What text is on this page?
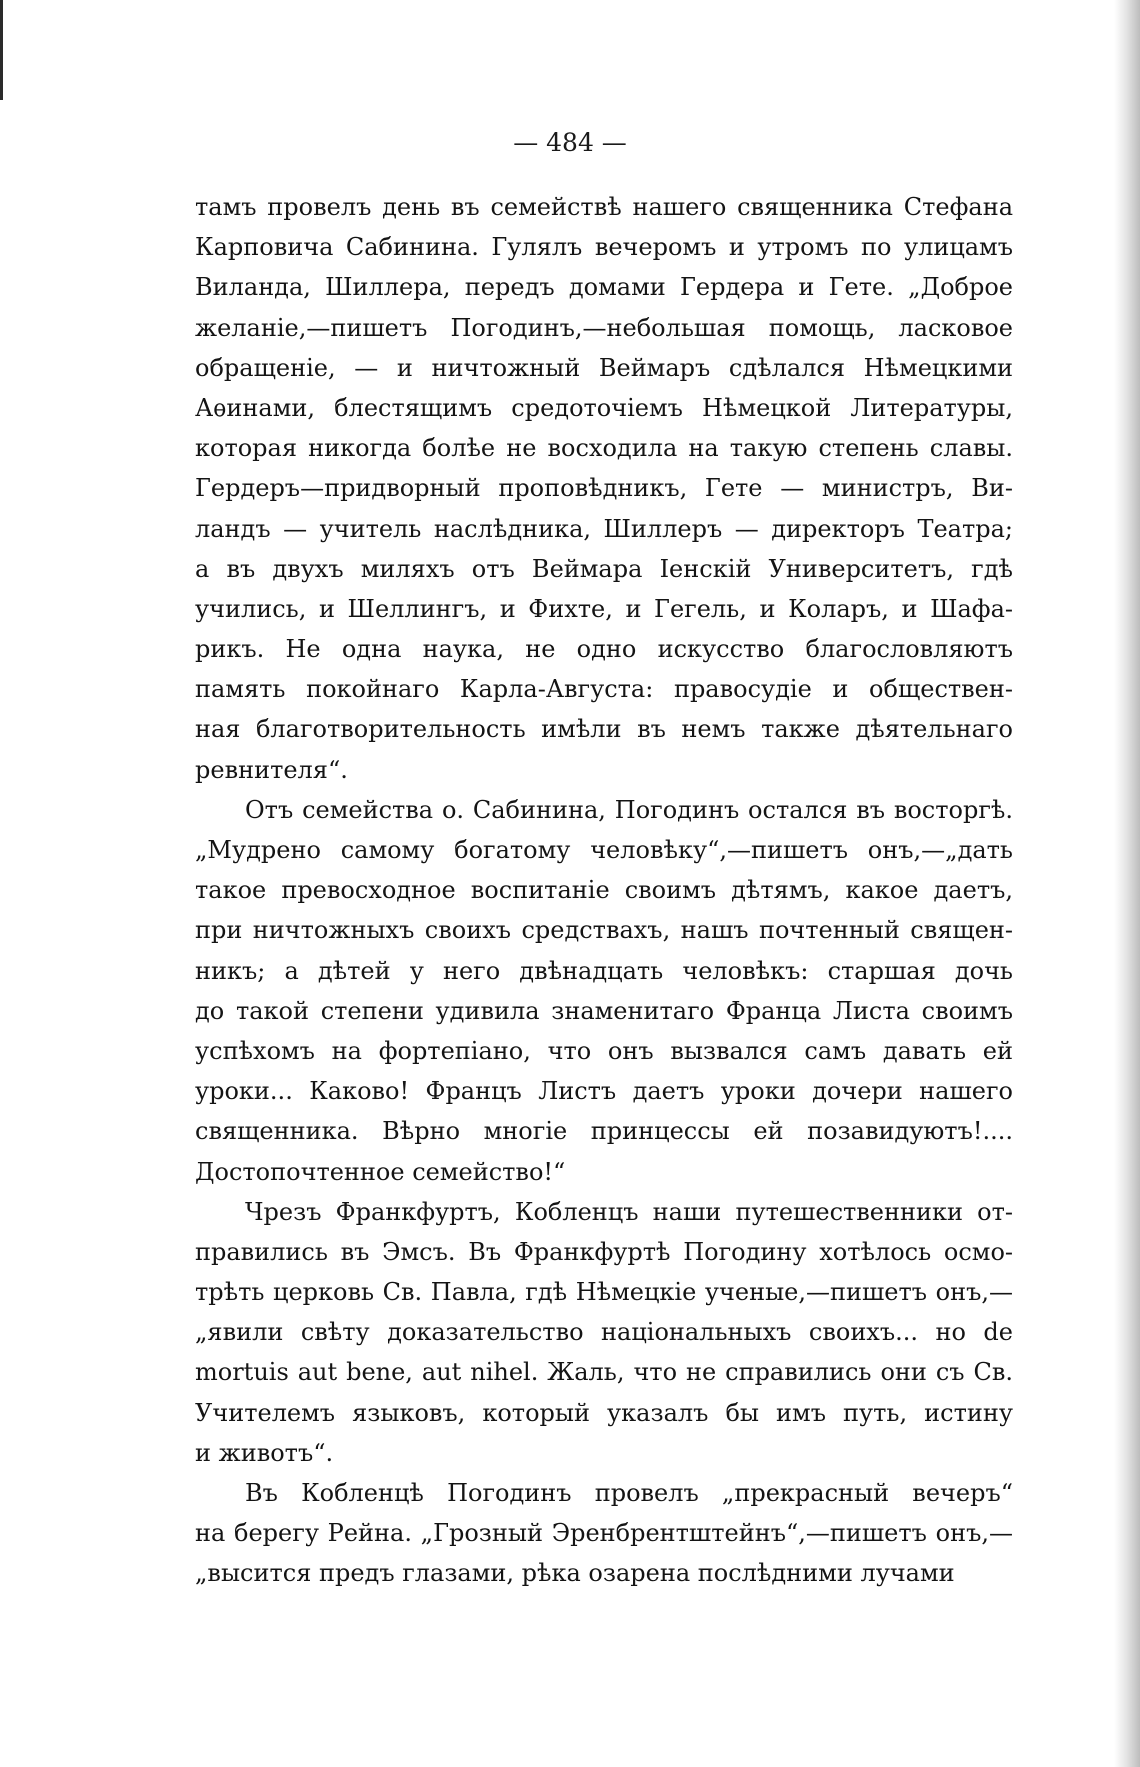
— 484 —
тамъ провелъ день въ семействѣ нашего священника Стефана
Карповича Сабинина. Гулялъ вечеромъ и утромъ по улицамъ
Виланда, Шиллера, передъ домами Гердера и Гете. „Доброе
желаніе,—пишетъ Погодинъ,—небольшая помощь, ласковое
обращеніе, — и ничтожный Веймаръ сдѣлался Нѣмецкими
Аѳинами, блестящимъ средоточіемъ Нѣмецкой Литературы,
которая никогда болѣе не восходила на такую степень славы.
Гердеръ—придворный проповѣдникъ, Гете — министръ, Ви-
ландъ — учитель наслѣдника, Шиллеръ — директоръ Театра;
а въ двухъ миляхъ отъ Веймара Іенскій Университетъ, гдѣ
учились, и Шеллингъ, и Фихте, и Гегель, и Коларъ, и Шафа-
рикъ. Не одна наука, не одно искусство благословляютъ
память покойнаго Карла-Августа: правосудіе и обществен-
ная благотворительность имѣли въ немъ также дѣятельнаго
ревнителя“.
Отъ семейства о. Сабинина, Погодинъ остался въ восторгѣ.
„Мудрено самому богатому человѣку“,—пишетъ онъ,—„дать
такое превосходное воспитаніе своимъ дѣтямъ, какое даетъ,
при ничтожныхъ своихъ средствахъ, нашъ почтенный священ-
никъ; а дѣтей у него двѣнадцать человѣкъ: старшая дочь
до такой степени удивила знаменитаго Франца Листа своимъ
успѣхомъ на фортепіано, что онъ вызвался самъ давать ей
уроки... Каково! Францъ Листъ даетъ уроки дочери нашего
священника. Вѣрно многіе принцессы ей позавидуютъ!....
Достопочтенное семейство!“
Чрезъ Франкфуртъ, Кобленцъ наши путешественники от-
правились въ Эмсъ. Въ Франкфуртѣ Погодину хотѣлось осмо-
трѣть церковь Св. Павла, гдѣ Нѣмецкіе ученые,—пишетъ онъ,—
„явили свѣту доказательство національныхъ своихъ... но de
mortuis aut bene, aut nihel. Жаль, что не справились они съ Св.
Учителемъ языковъ, который указалъ бы имъ путь, истину
и животъ“.
Въ Кобленцѣ Погодинъ провелъ „прекрасный вечеръ“
на берегу Рейна. „Грозный Эренбрентштейнъ“,—пишетъ онъ,—
„высится предъ глазами, рѣка озарена послѣдними лучами
